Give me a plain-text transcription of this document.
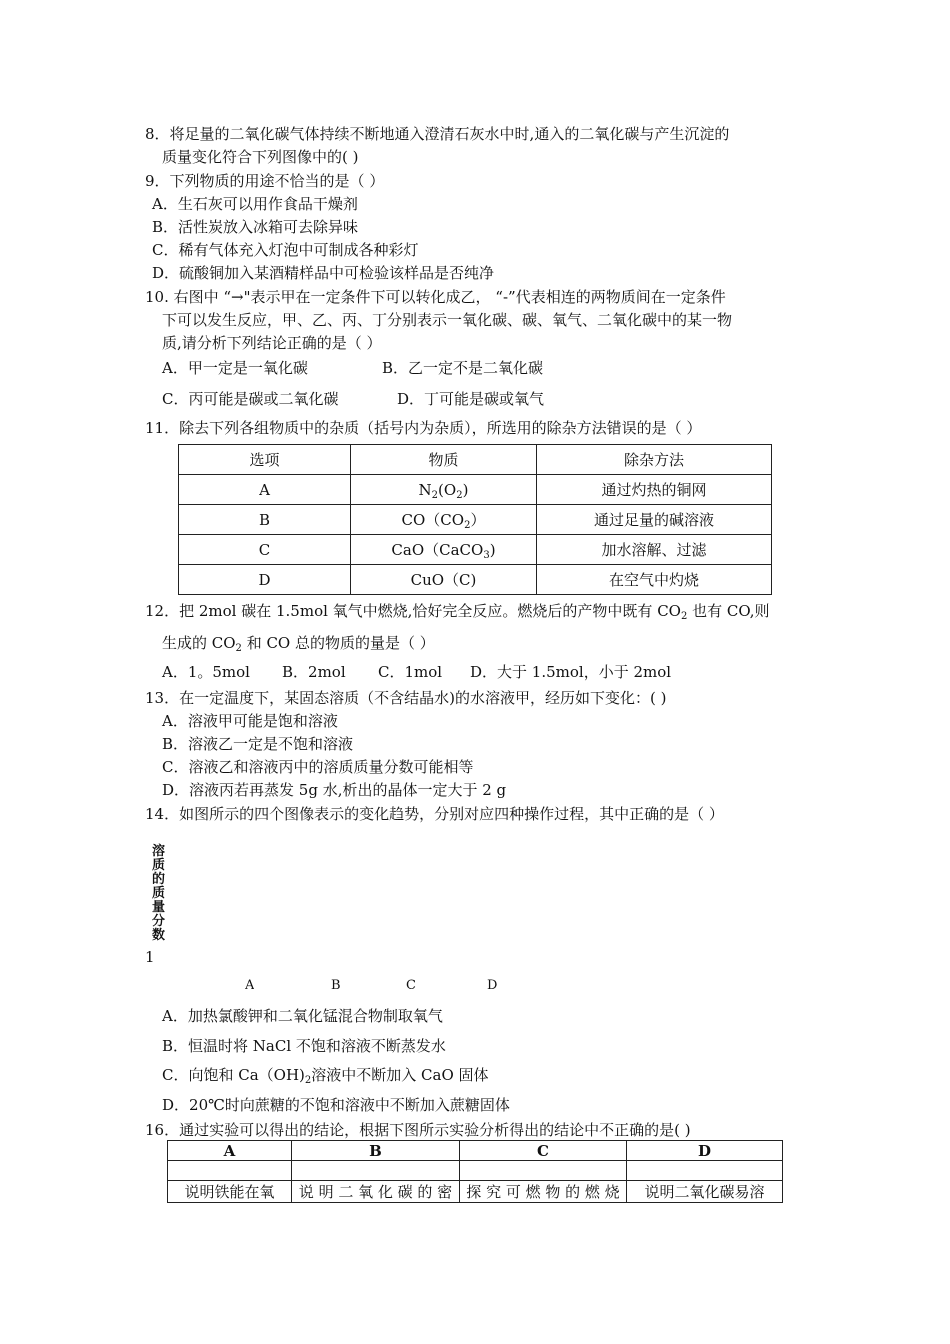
8．将足量的二氧化碳气体持续不断地通入澄清石灰水中时,通入的二氧化碳与产生沉淀的
质量变化符合下列图像中的( )
9．下列物质的用途不恰当的是（ ）
A．生石灰可以用作食品干燥剂
B．活性炭放入冰箱可去除异味
C．稀有气体充入灯泡中可制成各种彩灯
D．硫酸铜加入某酒精样品中可检验该样品是否纯净
10. 右图中 “→"表示甲在一定条件下可以转化成乙， “-”代表相连的两物质间在一定条件
下可以发生反应，甲、乙、丙、丁分别表示一氧化碳、碳、氧气、二氧化碳中的某一物
质,请分析下列结论正确的是（ ）
A．甲一定是一氧化碳	B．乙一定不是二氧化碳
C．丙可能是碳或二氧化碳	D．丁可能是碳或氧气
11．除去下列各组物质中的杂质（括号内为杂质），所选用的除杂方法错误的是（ ）
选项	物质	除杂方法
A	$N_2(O_2)$	通过灼热的铜网
B	$CO(CO_2)$	通过足量的碱溶液
C	CaO（CaCO$_3$)	加水溶解、过滤
D	CuO（C)	在空气中灼烧
12．把 2mol 碳在 1.5mol 氧气中燃烧,恰好完全反应。燃烧后的产物中既有 $CO_2$ 也有 CO,则
生成的 $CO_2$ 和 CO 总的物质的量是（ ）
A．1。5mol B．2mol C．1mol D．大于 1.5mol，小于 2mol
13．在一定温度下，某固态溶质（不含结晶水)的水溶液甲，经历如下变化：( )
A．溶液甲可能是饱和溶液
B．溶液乙一定是不饱和溶液
C．溶液乙和溶液丙中的溶质质量分数可能相等
D．溶液丙若再蒸发 5g 水,析出的晶体一定大于 2 g
14．如图所示的四个图像表示的变化趋势，分别对应四种操作过程，其中正确的是（ ）
溶质的质量分数
1
A	B	C	D
A．加热氯酸钾和二氧化锰混合物制取氧气
B．恒温时将 NaCl 不饱和溶液不断蒸发水
C．向饱和 $Ca(OH)_2$溶液中不断加入 CaO 固体
D．20℃时向蔗糖的不饱和溶液中不断加入蔗糖固体
16．通过实验可以得出的结论，根据下图所示实验分析得出的结论中不正确的是( )
A	B	C	D

说明铁能在氧	说 明 二 氧 化 碳 的 密	探 究 可 燃 物 的 燃 烧	说明二氧化碳易溶
